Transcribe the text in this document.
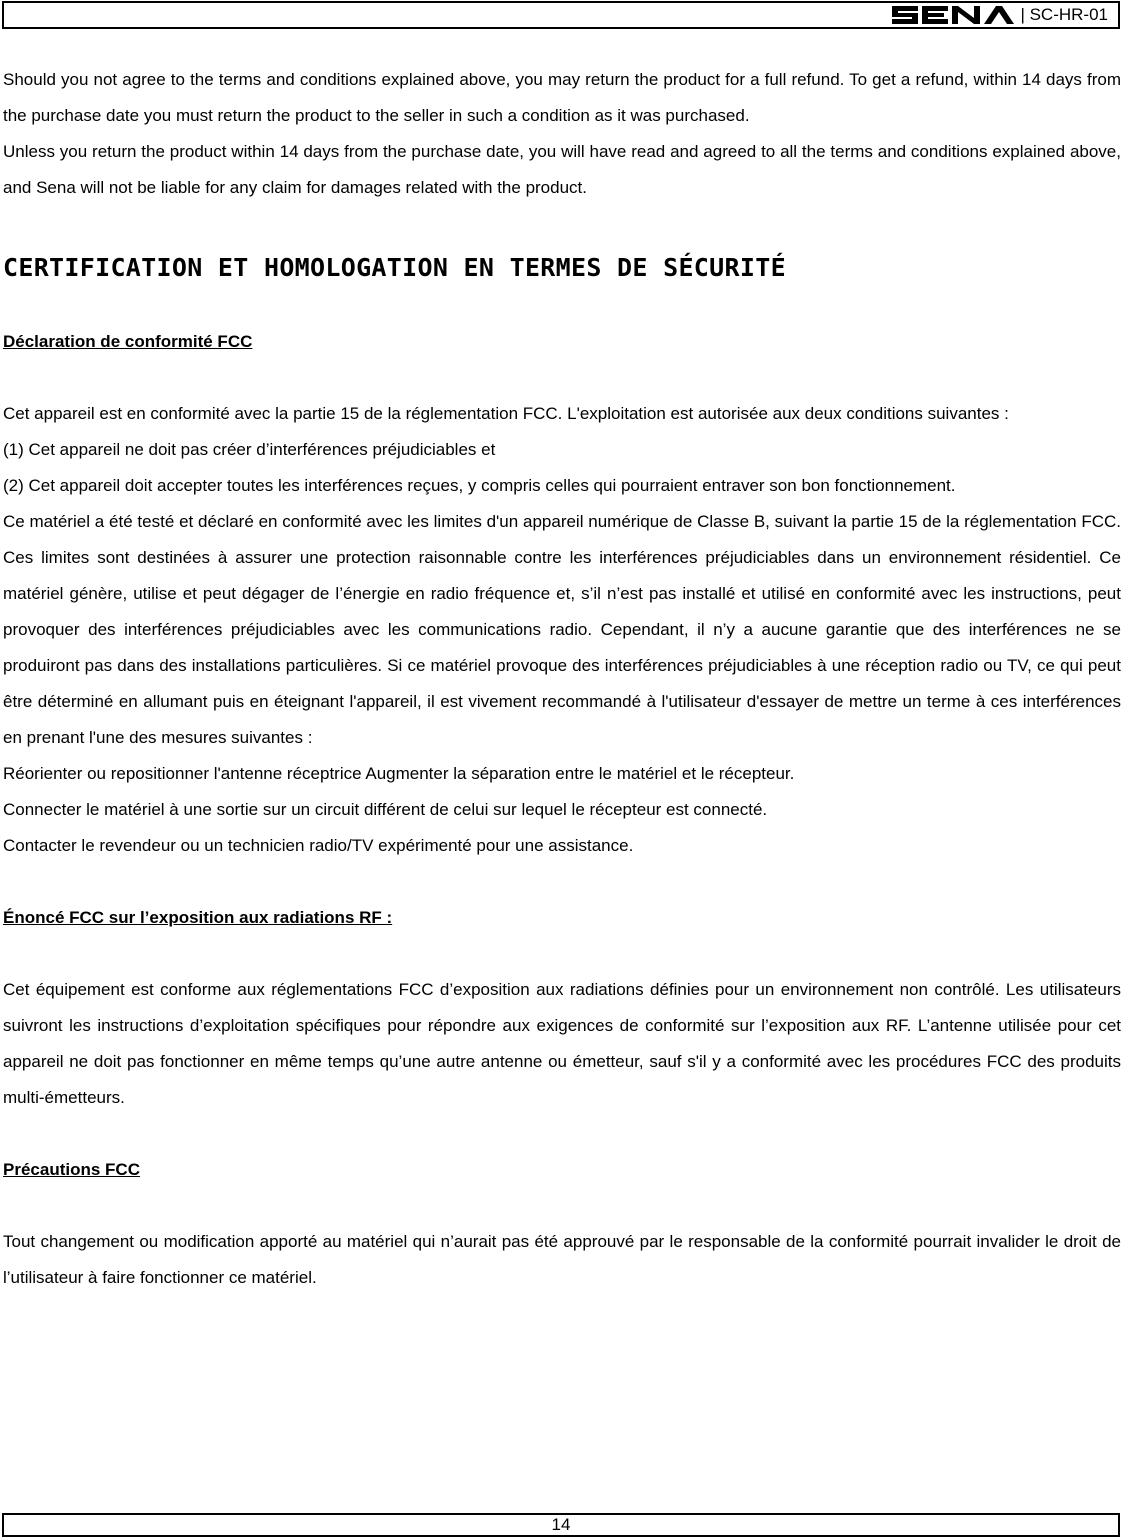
| SC-HR-01

Should you not agree to the terms and conditions explained above, you may return the product for a full refund. To get a refund, within 14 days from the purchase date you must return the product to the seller in such a condition as it was purchased.

Unless you return the product within 14 days from the purchase date, you will have read and agreed to all the terms and conditions explained above, and Sena will not be liable for any claim for damages related with the product.

CERTIFICATION ET HOMOLOGATION EN TERMES DE SÉCURITÉ
Déclaration de conformité FCC

Cet appareil est en conformité avec la partie 15 de la réglementation FCC. L'exploitation est autorisée aux deux conditions suivantes :

(1) Cet appareil ne doit pas créer d’interférences préjudiciables et

(2) Cet appareil doit accepter toutes les interférences reçues, y compris celles qui pourraient entraver son bon fonctionnement.

Ce matériel a été testé et déclaré en conformité avec les limites d'un appareil numérique de Classe B, suivant la partie 15 de la réglementation FCC. Ces limites sont destinées à assurer une protection raisonnable contre les interférences préjudiciables dans un environnement résidentiel. Ce matériel génère, utilise et peut dégager de l’énergie en radio fréquence et, s’il n’est pas installé et utilisé en conformité avec les instructions, peut provoquer des interférences préjudiciables avec les communications radio. Cependant, il n’y a aucune garantie que des interférences ne se produiront pas dans des installations particulières. Si ce matériel provoque des interférences préjudiciables à une réception radio ou TV, ce qui peut être déterminé en allumant puis en éteignant l'appareil, il est vivement recommandé à l'utilisateur d'essayer de mettre un terme à ces interférences en prenant l'une des mesures suivantes :

Réorienter ou repositionner l'antenne réceptrice Augmenter la séparation entre le matériel et le récepteur.

Connecter le matériel à une sortie sur un circuit différent de celui sur lequel le récepteur est connecté.

Contacter le revendeur ou un technicien radio/TV expérimenté pour une assistance.

Énoncé FCC sur l’exposition aux radiations RF :

Cet équipement est conforme aux réglementations FCC d’exposition aux radiations définies pour un environnement non contrôlé. Les utilisateurs suivront les instructions d’exploitation spécifiques pour répondre aux exigences de conformité sur l’exposition aux RF. L’antenne utilisée pour cet appareil ne doit pas fonctionner en même temps qu’une autre antenne ou émetteur, sauf s'il y a conformité avec les procédures FCC des produits multi-émetteurs.

Précautions FCC

Tout changement ou modification apporté au matériel qui n’aurait pas été approuvé par le responsable de la conformité pourrait invalider le droit de l’utilisateur à faire fonctionner ce matériel.

14
